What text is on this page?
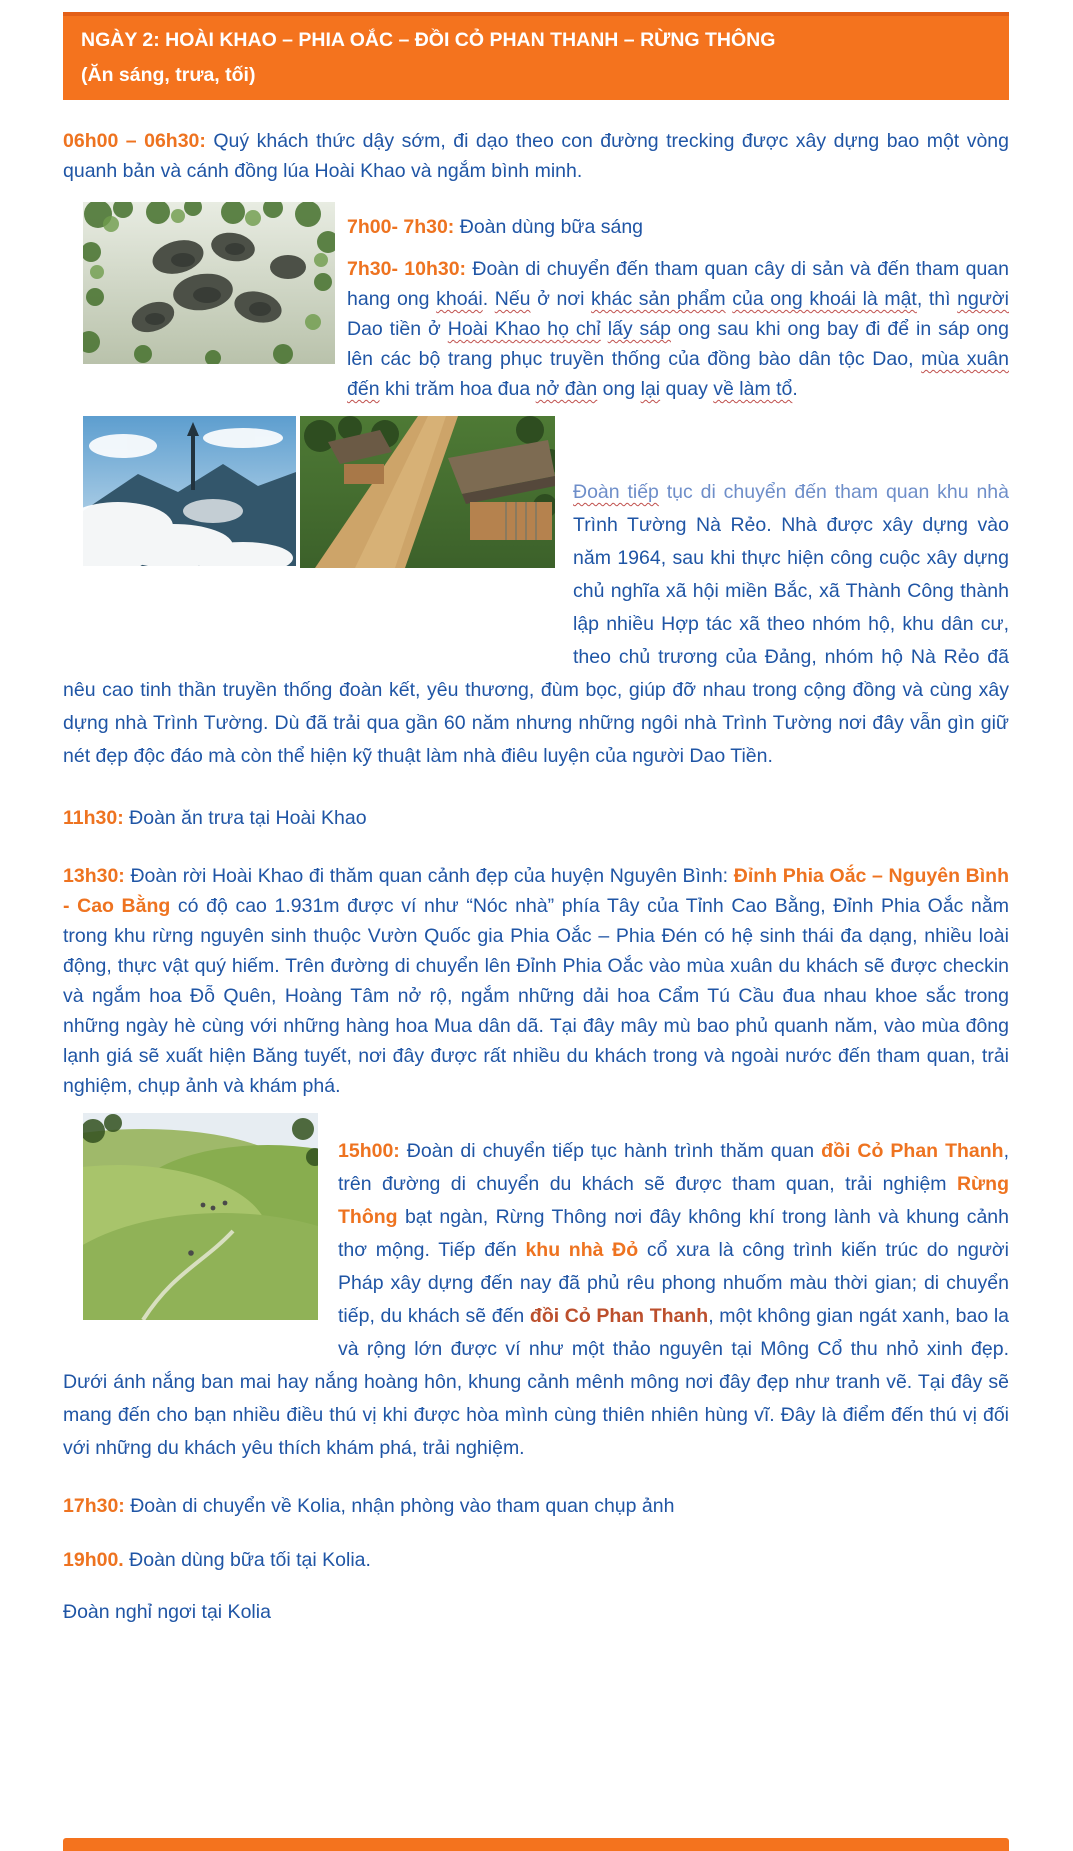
NGÀY 2: HOÀI KHAO – PHIA OẮC – ĐỒI CỎ PHAN THANH – RỪNG THÔNG
(Ăn sáng, trưa, tối)

06h00 – 06h30: Quý khách thức dậy sớm, đi dạo theo con đường trecking được xây dựng bao một vòng quanh bản và cánh đồng lúa Hoài Khao và ngắm bình minh.

7h00- 7h30: Đoàn dùng bữa sáng

7h30- 10h30: Đoàn di chuyển đến tham quan cây di sản và đến tham quan hang ong khoái. Nếu ở nơi khác sản phẩm của ong khoái là mật, thì người Dao tiền ở Hoài Khao họ chỉ lấy sáp ong sau khi ong bay đi để in sáp ong lên các bộ trang phục truyền thống của đồng bào dân tộc Dao, mùa xuân đến khi trăm hoa đua nở đàn ong lại quay về làm tổ.

Đoàn tiếp tục di chuyển đến tham quan khu nhà Trình Tường Nà Rẻo. Nhà được xây dựng vào năm 1964, sau khi thực hiện công cuộc xây dựng chủ nghĩa xã hội miền Bắc, xã Thành Công thành lập nhiều Hợp tác xã theo nhóm hộ, khu dân cư, theo chủ trương của Đảng, nhóm hộ Nà Rẻo đã nêu cao tinh thần truyền thống đoàn kết, yêu thương, đùm bọc, giúp đỡ nhau trong cộng đồng và cùng xây dựng nhà Trình Tường. Dù đã trải qua gần 60 năm nhưng những ngôi nhà Trình Tường nơi đây vẫn gìn giữ nét đẹp độc đáo mà còn thể hiện kỹ thuật làm nhà điêu luyện của người Dao Tiền.

11h30: Đoàn ăn trưa tại Hoài Khao

13h30: Đoàn rời Hoài Khao đi thăm quan cảnh đẹp của huyện Nguyên Bình: Đỉnh Phia Oắc – Nguyên Bình - Cao Bằng có độ cao 1.931m được ví như “Nóc nhà” phía Tây của Tỉnh Cao Bằng, Đỉnh Phia Oắc nằm trong khu rừng nguyên sinh thuộc Vườn Quốc gia Phia Oắc – Phia Đén có hệ sinh thái đa dạng, nhiều loài động, thực vật quý hiếm. Trên đường di chuyển lên Đỉnh Phia Oắc vào mùa xuân du khách sẽ được checkin và ngắm hoa Đỗ Quên, Hoàng Tâm nở rộ, ngắm những dải hoa Cẩm Tú Cầu đua nhau khoe sắc trong những ngày hè cùng với những hàng hoa Mua dân dã. Tại đây mây mù bao phủ quanh năm, vào mùa đông lạnh giá sẽ xuất hiện Băng tuyết, nơi đây được rất nhiều du khách trong và ngoài nước đến tham quan, trải nghiệm, chụp ảnh và khám phá.

15h00: Đoàn di chuyển tiếp tục hành trình thăm quan đồi Cỏ Phan Thanh, trên đường di chuyển du khách sẽ được tham quan, trải nghiệm Rừng Thông bạt ngàn, Rừng Thông nơi đây không khí trong lành và khung cảnh thơ mộng. Tiếp đến khu nhà Đỏ cổ xưa là công trình kiến trúc do người Pháp xây dựng đến nay đã phủ rêu phong nhuốm màu thời gian; di chuyển tiếp, du khách sẽ đến đồi Cỏ Phan Thanh, một không gian ngát xanh, bao la và rộng lớn được ví như một thảo nguyên tại Mông Cổ thu nhỏ xinh đẹp. Dưới ánh nắng ban mai hay nắng hoàng hôn, khung cảnh mênh mông nơi đây đẹp như tranh vẽ. Tại đây sẽ mang đến cho bạn nhiều điều thú vị khi được hòa mình cùng thiên nhiên hùng vĩ. Đây là điểm đến thú vị đối với những du khách yêu thích khám phá, trải nghiệm.

17h30: Đoàn di chuyển về Kolia, nhận phòng vào tham quan chụp ảnh

19h00. Đoàn dùng bữa tối tại Kolia.

Đoàn nghỉ ngơi tại Kolia
